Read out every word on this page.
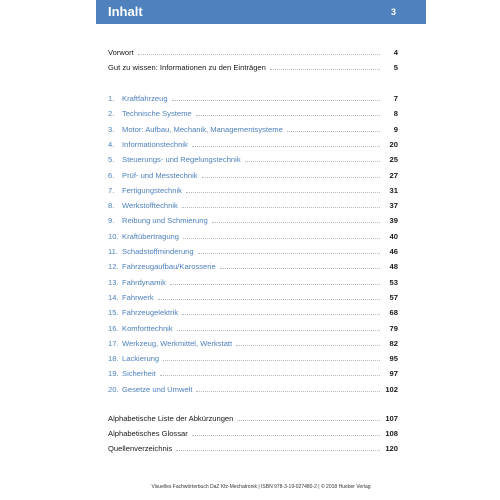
Inhalt	3
Vorwort	4
Gut zu wissen: Informationen zu den Einträgen	5
1.	Kraftfahrzeug	7
2.	Technische Systeme	8
3.	Motor: Aufbau, Mechanik, Managementsysteme	9
4.	Informationstechnik	20
5.	Steuerungs- und Regelungstechnik	25
6.	Prüf- und Messtechnik	27
7.	Fertigungstechnik	31
8.	Werkstofftechnik	37
9.	Reibung und Schmierung	39
10. Kraftübertragung	40
11. Schadstoffminderung	46
12. Fahrzeugaufbau/Karosserie	48
13. Fahrdynamik	53
14. Fahrwerk	57
15. Fahrzeugelektrik	68
16. Komforttechnik	79
17. Werkzeug, Werkmittel, Werkstatt	82
18. Lackierung	95
19. Sicherheit	97
20. Gesetze und Umwelt	102
Alphabetische Liste der Abkürzungen	107
Alphabetisches Glossar	108
Quellenverzeichnis	120
Visuelles Fachwörterbuch DaZ Kfz-Mechatronik | ISBN 978-3-19-027480-2 | © 2018 Hueber Verlag
